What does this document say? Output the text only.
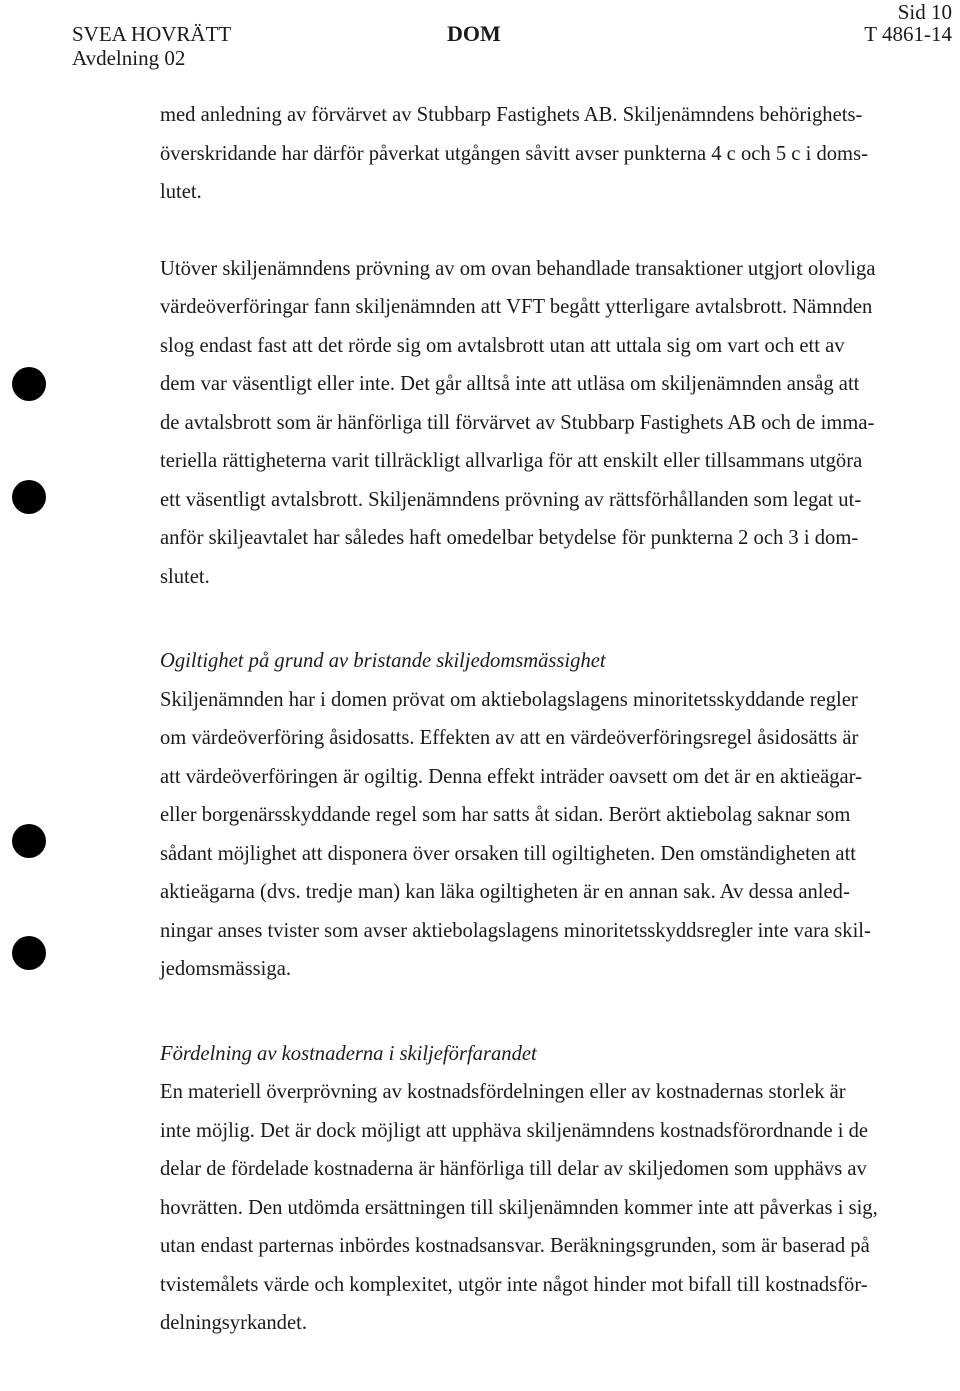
SVEA HOVRÄTT
Avdelning 02
DOM
Sid 10
T 4861-14
med anledning av förvärvet av Stubbarp Fastighets AB. Skiljenämndens behörighets-
överskridande har därför påverkat utgången såvitt avser punkterna 4 c och 5 c i doms-
lutet.
Utöver skiljenämndens prövning av om ovan behandlade transaktioner utgjort olovliga
värdeöverföringar fann skiljenämnden att VFT begått ytterligare avtalsbrott. Nämnden
slog endast fast att det rörde sig om avtalsbrott utan att uttala sig om vart och ett av
dem var väsentligt eller inte. Det går alltså inte att utläsa om skiljenämnden ansåg att
de avtalsbrott som är hänförliga till förvärvet av Stubbarp Fastighets AB och de imma-
teriella rättigheterna varit tillräckligt allvarliga för att enskilt eller tillsammans utgöra
ett väsentligt avtalsbrott. Skiljenämndens prövning av rättsförhållanden som legat ut-
anför skiljeavtalet har således haft omedelbar betydelse för punkterna 2 och 3 i dom-
slutet.
Ogiltighet på grund av bristande skiljedomsmässighet
Skiljenämnden har i domen prövat om aktiebolagslagens minoritetsskyddande regler
om värdeöverföring åsidosatts. Effekten av att en värdeöverföringsregel åsidosätts är
att värdeöverföringen är ogiltig. Denna effekt inträder oavsett om det är en aktieägar-
eller borgenärsskyddande regel som har satts åt sidan. Berört aktiebolag saknar som
sådant möjlighet att disponera över orsaken till ogiltigheten. Den omständigheten att
aktieägarna (dvs. tredje man) kan läka ogiltigheten är en annan sak. Av dessa anled-
ningar anses tvister som avser aktiebolagslagens minoritetsskyddsregler inte vara skil-
jedomsmässiga.
Fördelning av kostnaderna i skiljeförfarandet
En materiell överprövning av kostnadsfördelningen eller av kostnadernas storlek är
inte möjlig. Det är dock möjligt att upphäva skiljenämndens kostnadsförordnande i de
delar de fördelade kostnaderna är hänförliga till delar av skiljedomen som upphävs av
hovrätten. Den utdömda ersättningen till skiljenämnden kommer inte att påverkas i sig,
utan endast parternas inbördes kostnadsansvar. Beräkningsgrunden, som är baserad på
tvistemålets värde och komplexitet, utgör inte något hinder mot bifall till kostnadsför-
delningsyrkandet.
